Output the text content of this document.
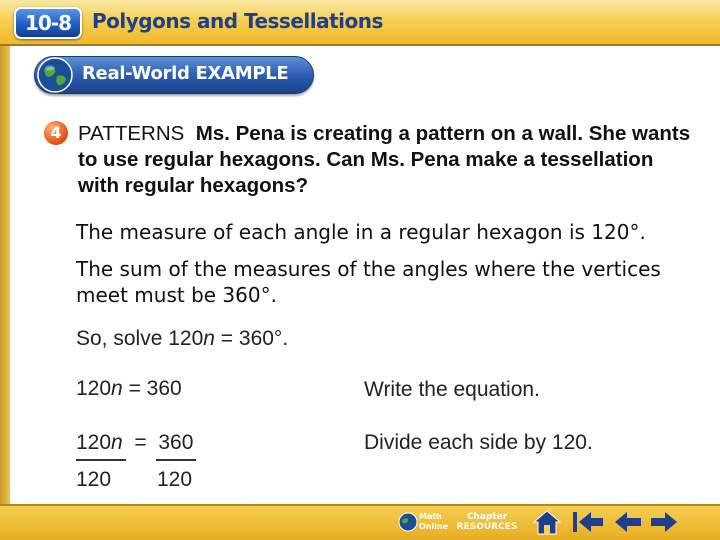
10-8	Polygons and Tessellations
Real-World EXAMPLE
4 PATTERNS Ms. Pena is creating a pattern on a wall. She wants to use regular hexagons. Can Ms. Pena make a tessellation with regular hexagons?
The measure of each angle in a regular hexagon is 120°.
The sum of the measures of the angles where the vertices meet must be 360°.
So, solve 120n = 360°.
120n = 360	Write the equation.
120n  =  360
120 120
Divide each side by 120.
Math Online
Chapter RESOURCES
